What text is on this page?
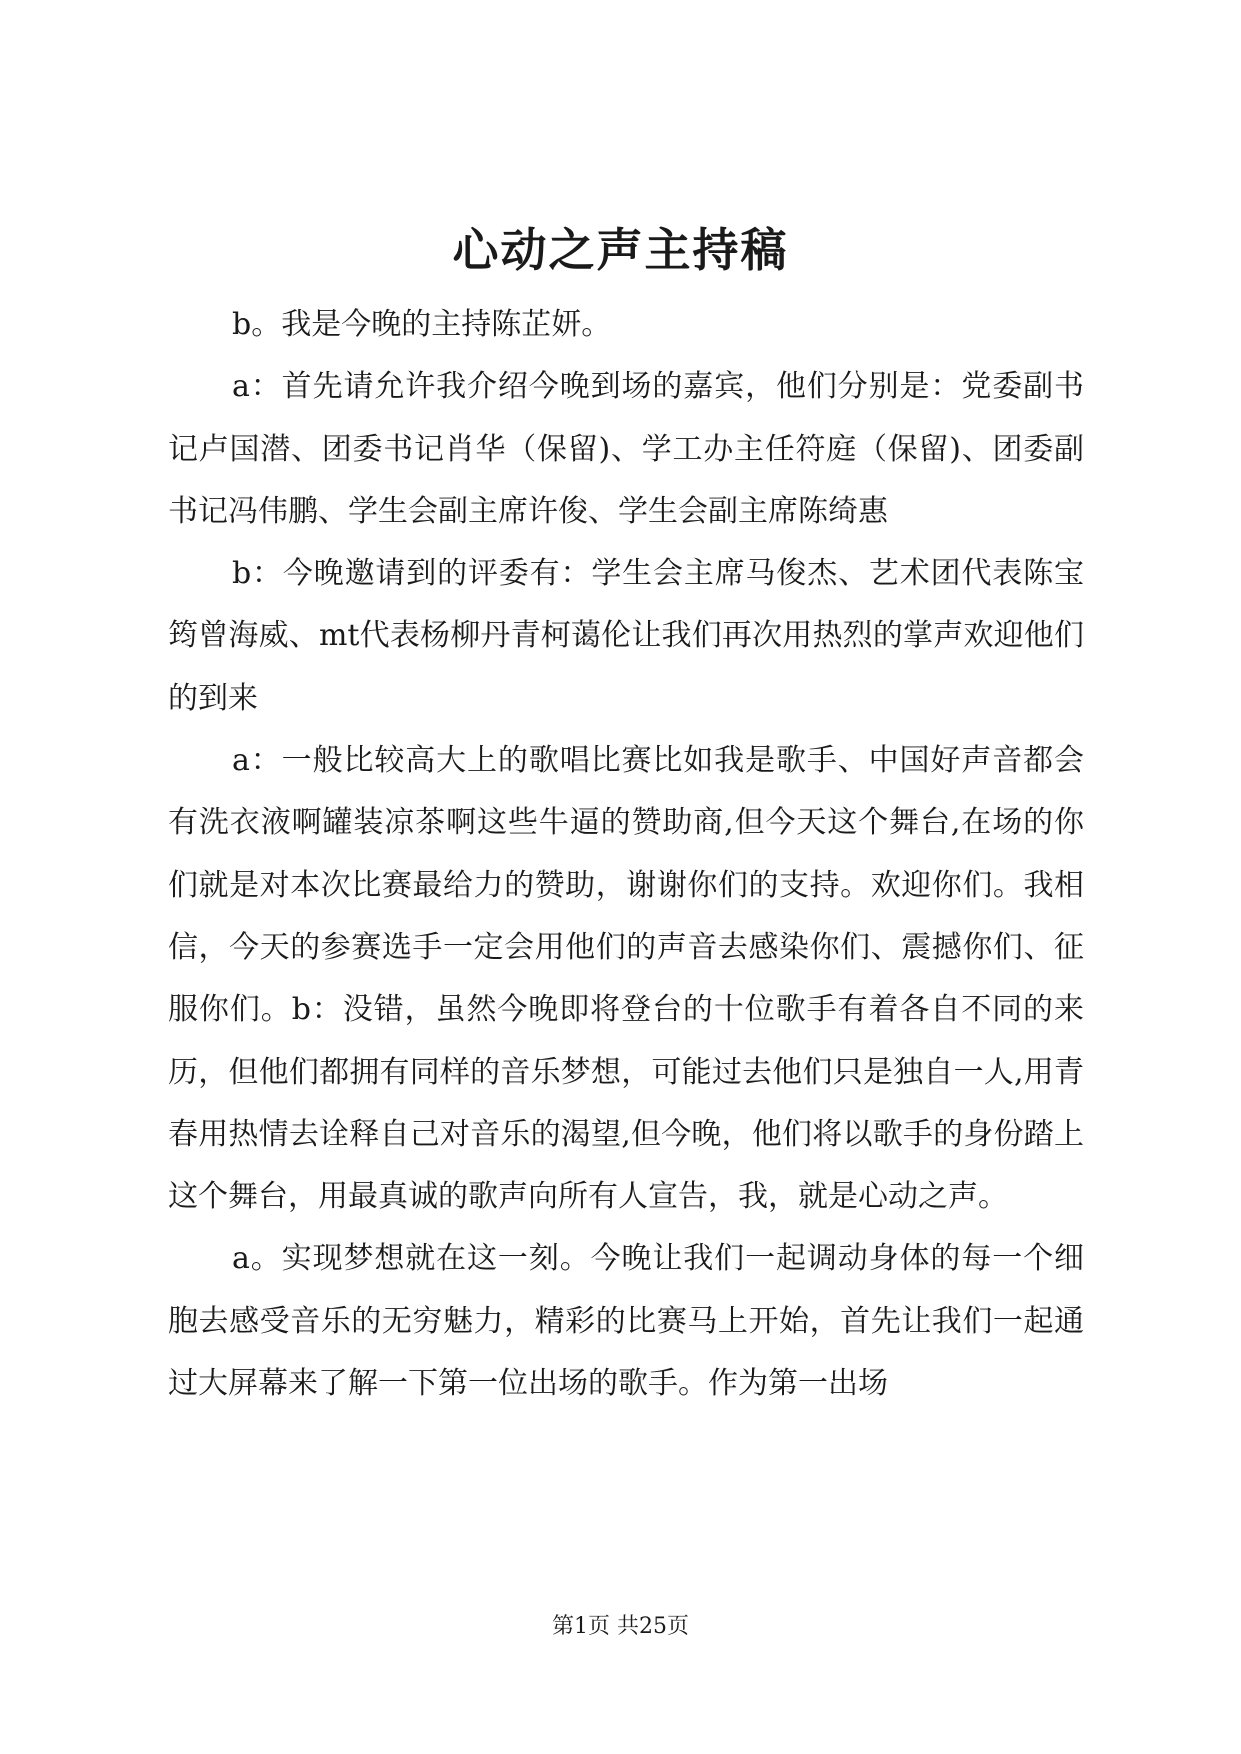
心动之声主持稿

b。我是今晚的主持陈芷妍。

a：首先请允许我介绍今晚到场的嘉宾，他们分别是：党委副书记卢国潜、团委书记肖华（保留)、学工办主任符庭（保留)、团委副书记冯伟鹏、学生会副主席许俊、学生会副主席陈绮惠

b：今晚邀请到的评委有：学生会主席马俊杰、艺术团代表陈宝筠曾海威、mt代表杨柳丹青柯蔼伦让我们再次用热烈的掌声欢迎他们的到来

a：一般比较高大上的歌唱比赛比如我是歌手、中国好声音都会有洗衣液啊罐装凉茶啊这些牛逼的赞助商,但今天这个舞台,在场的你们就是对本次比赛最给力的赞助，谢谢你们的支持。欢迎你们。我相信，今天的参赛选手一定会用他们的声音去感染你们、震撼你们、征服你们。b：没错，虽然今晚即将登台的十位歌手有着各自不同的来历，但他们都拥有同样的音乐梦想，可能过去他们只是独自一人,用青春用热情去诠释自己对音乐的渴望,但今晚，他们将以歌手的身份踏上这个舞台，用最真诚的歌声向所有人宣告，我，就是心动之声。

a。实现梦想就在这一刻。今晚让我们一起调动身体的每一个细胞去感受音乐的无穷魅力，精彩的比赛马上开始，首先让我们一起通过大屏幕来了解一下第一位出场的歌手。作为第一出场

第1页 共25页
